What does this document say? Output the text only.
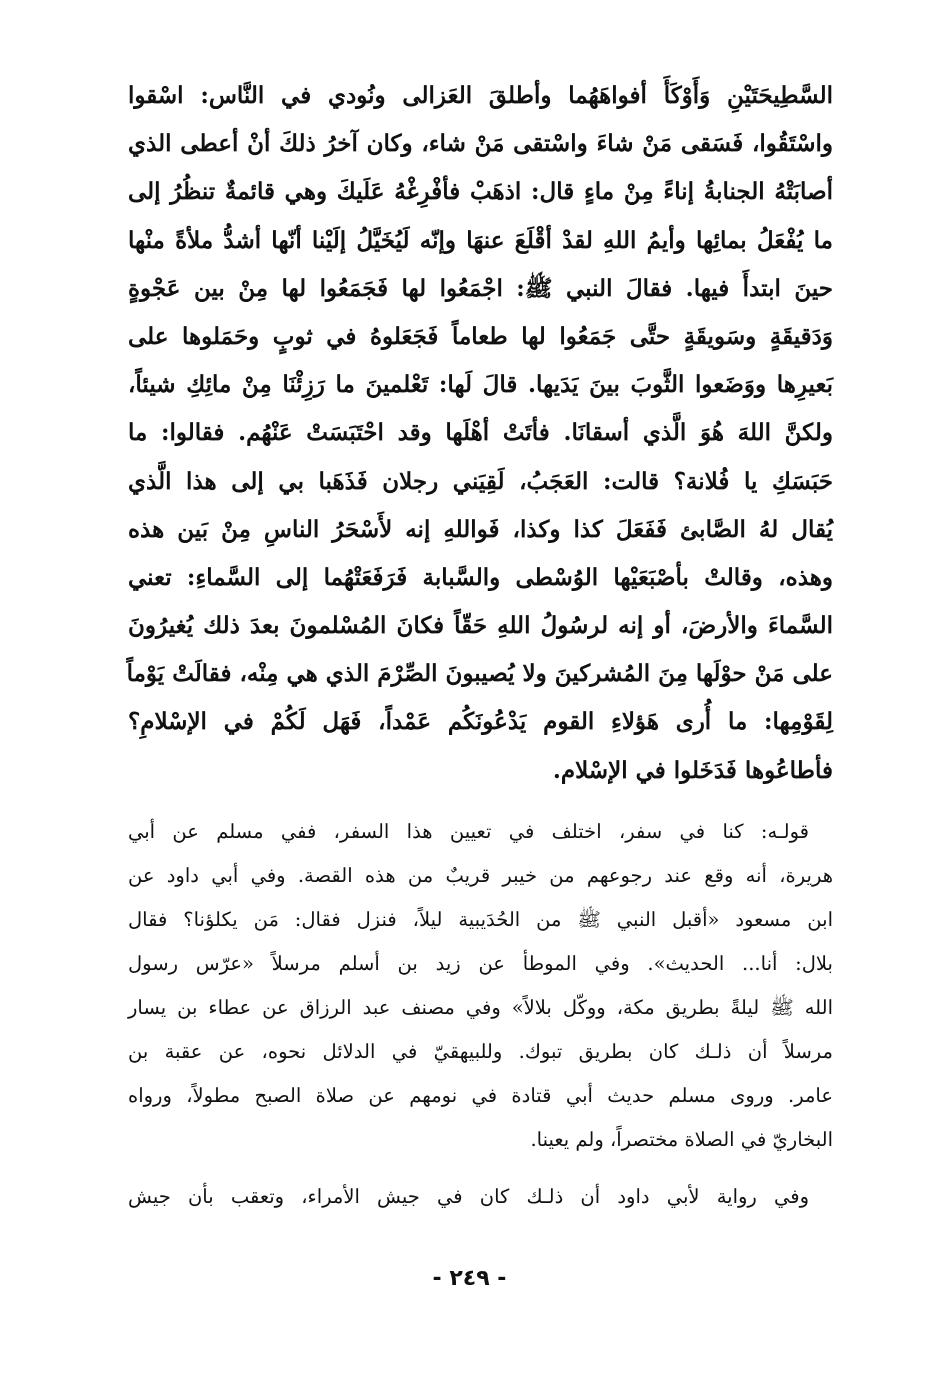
السَّطِيحَتَيْنِ وَأَوْكَأَ أفواهَهُما وأطلقَ العَزالى ونُودي في النَّاس: اسْقوا
واسْتَقُوا، فَسَقى مَنْ شاءَ واسْتقى مَنْ شاء، وكان آخرُ ذلكَ أنْ أعطى الذي
أصابَتْهُ الجنابةُ إناءً مِنْ ماءٍ قال: اذهَبْ فأفْرِغْهُ عَلَيكَ وهي قائمةٌ تنظُرُ إلى
ما يُفْعَلُ بمائِها وأيمُ اللهِ لقدْ أقْلَعَ عنهَا وإنّه لَيُخَيَّلُ إلَيْنا أنّها أشدُّ ملأةً منْها
حينَ ابتدأَ فيها. فقالَ النبي ﷺ: اجْمَعُوا لها فَجَمَعُوا لها مِنْ بين عَجْوةٍ
وَدَقيقَةٍ وسَويقَةٍ حتَّى جَمَعُوا لها طعاماً فَجَعَلوهُ في ثوبٍ وحَمَلوها على
بَعيرِها ووَضَعوا الثَّوبَ بينَ يَدَيها. قالَ لَها: تَعْلمينَ ما رَزِئْنَا مِنْ مائِكِ شيئاً،
ولكنَّ اللهَ هُوَ الَّذي أسقانَا. فأتَتْ أهْلَها وقد احْتَبَسَتْ عَنْهُم. فقالوا: ما
حَبَسَكِ يا فُلانة؟ قالت: العَجَبُ، لَقِيَني رجلان فَذَهَبا بي إلى هذا الَّذي
يُقال لهُ الصَّابئ فَفَعَلَ كذا وكذا، فَواللهِ إنه لأَسْحَرُ الناسِ مِنْ بَين هذه
وهذه، وقالتْ بأصْبَعَيْها الوُسْطى والسَّبابة فَرَفَعَتْهُما إلى السَّماءِ: تعني
السَّماءَ والأرضَ، أو إنه لرسُولُ اللهِ حَقّاً فكانَ المُسْلمونَ بعدَ ذلك يُغيرُونَ
على مَنْ حوْلَها مِنَ المُشركينَ ولا يُصيبونَ الصِّرْمَ الذي هي مِنْه، فقالَتْ يَوْماً
لِقَوْمِها: ما أُرى هَؤلاءِ القوم يَدْعُونَكُم عَمْداً، فَهَل لَكُمْ في الإسْلامِ؟
فأطاعُوها فَدَخَلوا في الإسْلام.
قولـه: كنا في سفر، اختلف في تعيين هذا السفر، ففي مسلم عن أبي
هريرة، أنه وقع عند رجوعهم من خيبر قريبٌ من هذه القصة. وفي أبي داود عن
ابن مسعود «أقبل النبي ﷺ من الحُدَيبية ليلاً، فنزل فقال: مَن يكلؤنا؟ فقال
بلال: أنا... الحديث». وفي الموطأ عن زيد بن أسلم مرسلاً «عرّس رسول
الله ﷺ ليلةً بطريق مكة، ووكّل بلالاً» وفي مصنف عبد الرزاق عن عطاء بن يسار
مرسلاً أن ذلـك كان بطريق تبوك. وللبيهقيّ في الدلائل نحوه، عن عقبة بن
عامر. وروى مسلم حديث أبي قتادة في نومهم عن صلاة الصبح مطولاً، ورواه
البخاريّ في الصلاة مختصراً، ولم يعينا.
وفي رواية لأبي داود أن ذلـك كان في جيش الأمراء، وتعقب بأن جيش
- ٢٤٩ -
